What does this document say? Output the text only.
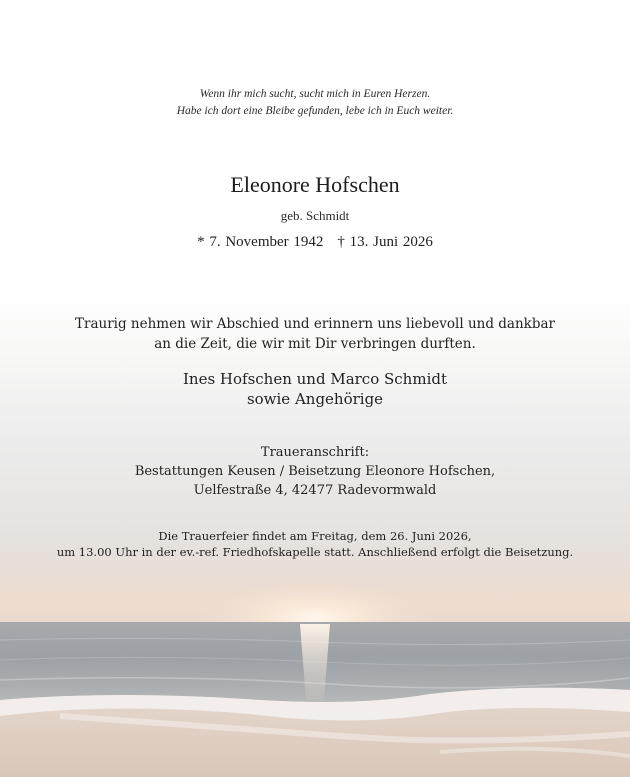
Wenn ihr mich sucht, sucht mich in Euren Herzen.
Habe ich dort eine Bleibe gefunden, lebe ich in Euch weiter.
Eleonore Hofschen
geb. Schmidt
* 7. November 1942 † 13. Juni 2026
Traurig nehmen wir Abschied und erinnern uns liebevoll und dankbar
an die Zeit, die wir mit Dir verbringen durften.
Ines Hofschen und Marco Schmidt
sowie Angehörige
Traueranschrift:
Bestattungen Keusen / Beisetzung Eleonore Hofschen,
Uelfestraße 4, 42477 Radevormwald
Die Trauerfeier findet am Freitag, dem 26. Juni 2026,
um 13.00 Uhr in der ev.-ref. Friedhofskapelle statt. Anschließend erfolgt die Beisetzung.
